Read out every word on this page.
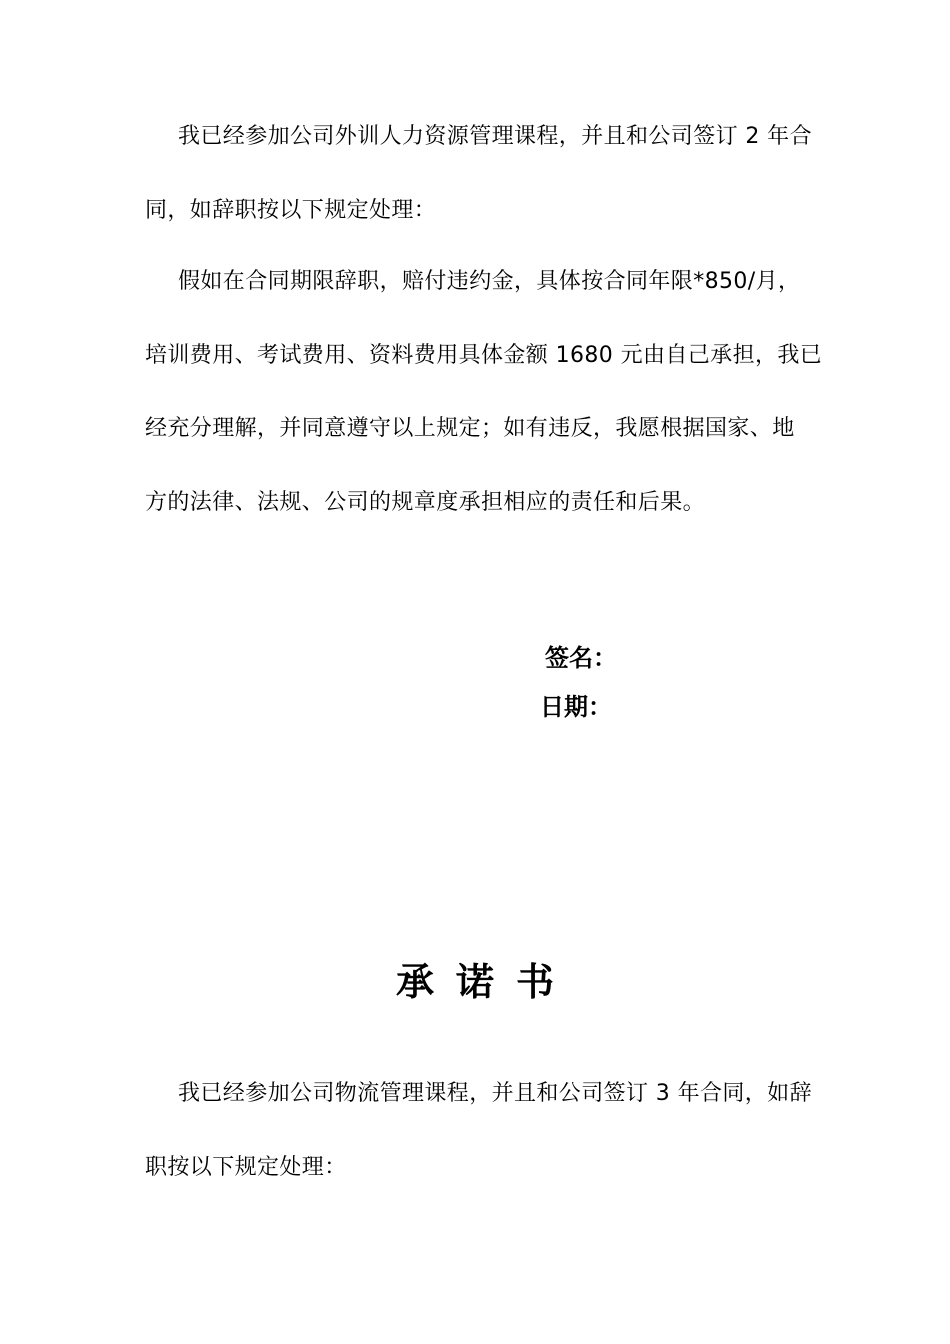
我已经参加公司外训人力资源管理课程，并且和公司签订 2 年合
同，如辞职按以下规定处理：
假如在合同期限辞职，赔付违约金，具体按合同年限*850/月，
培训费用、考试费用、资料费用具体金额 1680 元由自己承担，我已
经充分理解，并同意遵守以上规定；如有违反，我愿根据国家、地
方的法律、法规、公司的规章度承担相应的责任和后果。
签名：
日期：
承诺书
我已经参加公司物流管理课程，并且和公司签订 3 年合同，如辞
职按以下规定处理：
